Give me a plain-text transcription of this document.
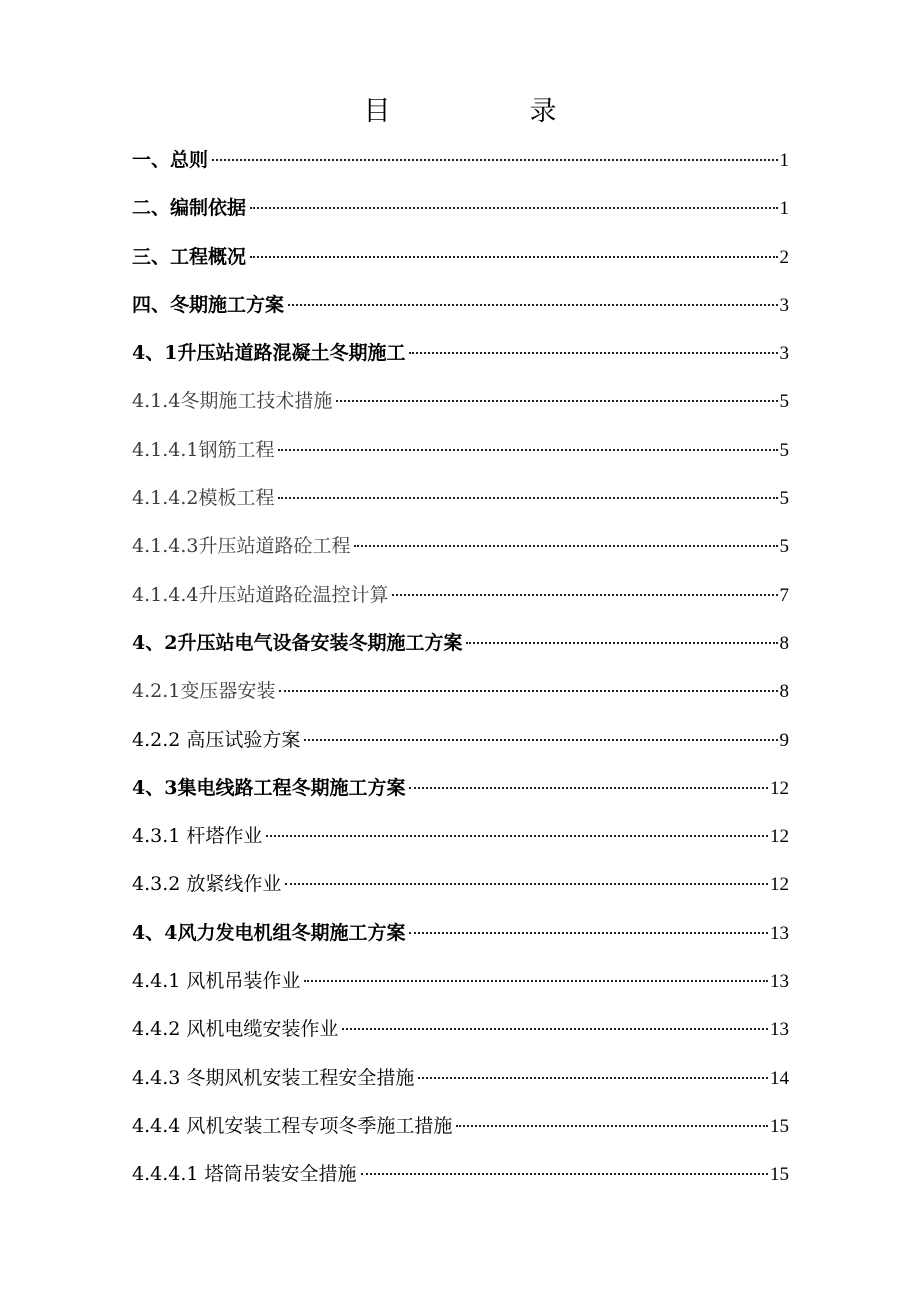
目　录
一、总则	1
二、编制依据	1
三、工程概况	2
四、冬期施工方案	3
4、1升压站道路混凝土冬期施工	3
4.1.4冬期施工技术措施	5
4.1.4.1钢筋工程	5
4.1.4.2模板工程	5
4.1.4.3升压站道路砼工程	5
4.1.4.4升压站道路砼温控计算	7
4、2升压站电气设备安装冬期施工方案	8
4.2.1变压器安装	8
4.2.2 高压试验方案	9
4、3集电线路工程冬期施工方案	12
4.3.1 杆塔作业	12
4.3.2 放紧线作业	12
4、4风力发电机组冬期施工方案	13
4.4.1 风机吊装作业	13
4.4.2 风机电缆安装作业	13
4.4.3 冬期风机安装工程安全措施	14
4.4.4 风机安装工程专项冬季施工措施	15
4.4.4.1 塔筒吊装安全措施	15
